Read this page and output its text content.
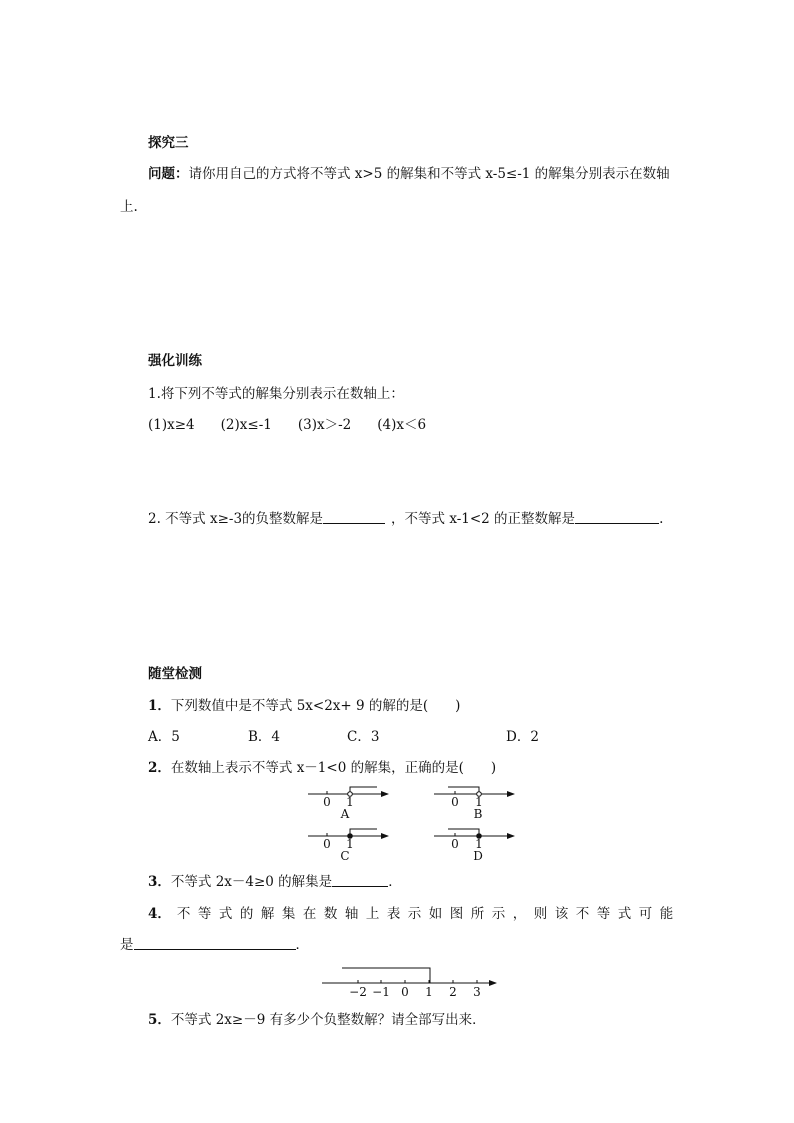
探究三
问题：请你用自己的方式将不等式 x>5 的解集和不等式 x-5≤-1 的解集分别表示在数轴
上.
强化训练
1.将下列不等式的解集分别表示在数轴上：
(1)x≥4 (2)x≤-1 (3)x＞-2 (4)x＜6
2. 不等式 x≥-3的负整数解是	，不等式 x-1<2 的正整数解是	.
随堂检测
1．下列数值中是不等式 5x<2x+ 9 的解的是(　　)
A．5	B．4	C．3	D．2
2．在数轴上表示不等式 x－1<0 的解集，正确的是(　　)
0	1
A
0	1
B
0	1
C
0	1
D
3．不等式 2x－4≥0 的解集是	．
4． 不 等 式 的 解 集 在 数 轴 上 表 示 如 图 所 示 ， 则 该 不 等 式 可 能
是	．
−2 −1 0	1	2	3
5．不等式 2x≥－9 有多少个负整数解？请全部写出来．
